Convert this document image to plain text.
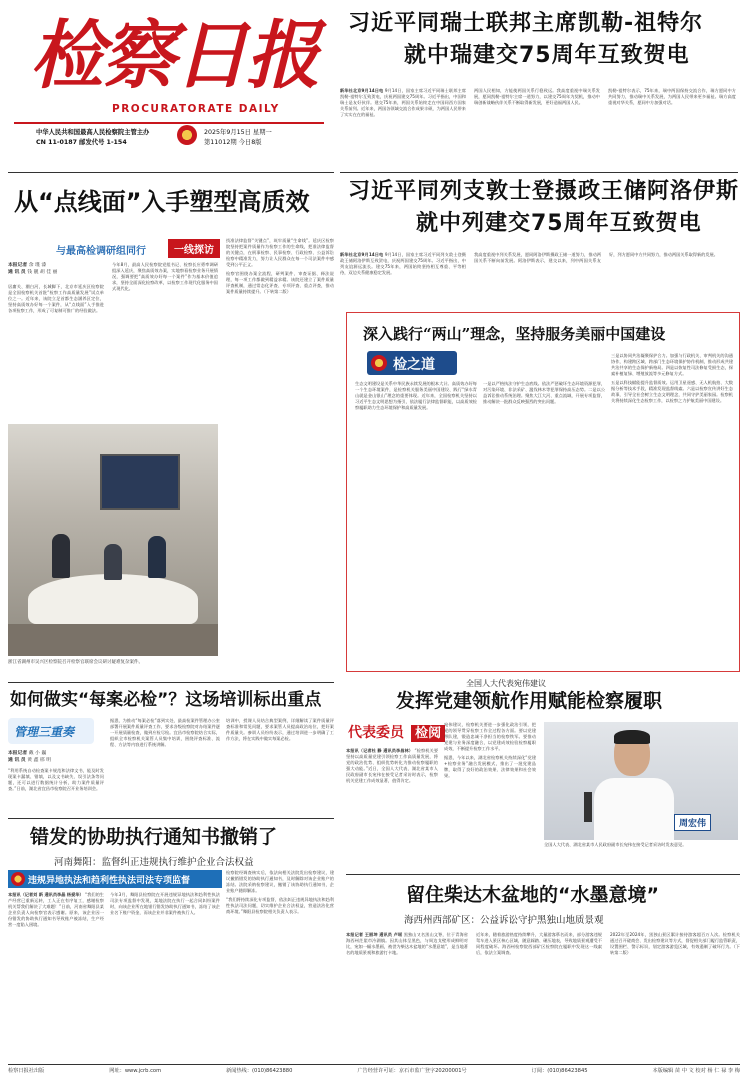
检察日报
PROCURATORATE DAILY
中华人民共和国最高人民检察院主管主办
CN 11-0187 邮发代号 1-154
2025年9月15日 星期一
第11012期 今日8版
习近平同瑞士联邦主席凯勒-祖特尔
就中瑞建交75周年互致贺电
新华社北京9月14日电 9月14日，国家主席习近平同瑞士联邦主席凯勒-祖特尔互致贺电，庆祝两国建交75周年。习近平指出，中国和瑞士是友好伙伴。建交75年来，两国关系始终走在中国同西方国家关系前列。近年来，两国各领域交流合作成果丰硕，为两国人民带来了实实在在的福祉。
两国人民相知，方能使两国关系行稳致远。我高度重视中瑞关系发展，愿同凯勒-祖特尔主席一道努力，以建交75周年为契机，推动中瑞创新战略伙伴关系不断取得新发展，更好造福两国人民。
凯勒-祖特尔表示，75年来，瑞中两国保持交流合作，瑞方愿同中方共同努力，推动瑞中关系发展，为两国人民带来更多福祉。瑞方高度重视对华关系，愿同中方加强对话。
习近平同列支敦士登摄政王储阿洛伊斯
就中列建交75周年互致贺电
新华社北京9月14日电 9月14日，国家主席习近平同列支敦士登摄政王储阿洛伊斯互致贺电，庆祝两国建交75周年。习近平指出，中列友谊源远流长。建交75年来，两国始终坚持相互尊重、平等相待，双边关系健康稳定发展。
我高度重视中列关系发展，愿同阿洛伊斯摄政王储一道努力，推动两国关系不断向前发展。阿洛伊斯表示，建交以来，列中两国关系友好，列方愿同中方共同努力，推动两国关系取得新的发展。
从“点线面”入手塑型高质效
与最高检调研组同行	一线探访
本报记者 余 瑾 漆
通 讯 员 钱 靓 胡 佳 丽
居庸关、潮白河，长城脚下，北京市延庆区检察院是全国检察机关首批“检察工作高质量发展”试点单位之一。近年来，该院立足首都生态涵养区定位，坚持高质效办好每一个案件，从“点线面”入手推进各项检察工作，形成了可复制可推广的经验做法。
今年8月，最高人民检察院党组书记、检察长应勇率调研组深入延庆，聚焦高质效办案，实地察看检察业务开展情况，强调要把“高质效办好每一个案件”作为基本价值追求，坚持全面深化检察改革，以检察工作现代化服务中国式现代化。
找准法律监督“关键点”，筑牢质量“生命线”。延庆区检察院坚持把案件质量作为检察工作的生命线，把准法律监督的关键点，在刑事检察、民事检察、行政检察、公益诉讼检察中精准发力，努力让人民群众在每一个司法案件中感受到公平正义。
检察官围绕办案全流程，研判案件、审查证据、释法说理，每一项工作都做到精益求精。该院还建立了案件质量评查机制，通过常态化评查、专项评查、重点评查，推动案件质量持续提升。（下转第二版）
浙江省湖州市吴兴区检察院召开检察官联席会议研讨疑难复杂案件。
深入践行“两山”理念，坚持服务美丽中国建设
检之道
生态文明建设是关系中华民族永续发展的根本大计。高质效办好每一个生态环境案件，是检察机关服务美丽中国建设、践行“绿水青山就是金山银山”理念的重要体现。近年来，全国检察机关坚持以习近平生态文明思想为指引，依法履行法律监督职能，以高质效检察履职助力生态环境保护和高质量发展。
一是以严格执法守护生态底线。依法严惩破坏生态环境资源犯罪，对污染环境、非法采矿、滥伐林木等犯罪保持高压态势。二是以公益诉讼推动系统治理。聚焦大江大河、重点流域，开展专项监督，推动解决一批群众反映强烈的突出问题。
三是以协同共治凝聚保护合力。加强与行政机关、审判机关的沟通协作，构建跨区域、跨部门生态环境保护协作机制，推动形成共建共治共享的生态保护新格局。四是以恢复性司法修复受损生态，探索补植复绿、增殖放流等多元修复方式。
五是以科技赋能提升监督质效。运用卫星遥感、无人机航拍、大数据分析等技术手段，精准发现监督线索。六是以检察宣传讲好生态故事，引导全社会树立生态文明理念，共同守护美丽家园。检察机关将持续深化生态检察工作，以检察之力护航美丽中国建设。
如何做实“每案必检”？这场培训标出重点
管理三重奏
本报记者 戴 小 巍
通 讯 员 黄 鑫 邢 明
“利用系统自动检查案卡规范和法律文书，能及时发现案卡漏填、错填，以及文书缺失、误引法条等问题，还可以进行数据统计分析，助力案件质量评查。”日前，湖北省宜昌市检察院召开业务培训会。
据悉，为推动“每案必检”落到实处，最高检案件管理办公室部署开展案件质量评查工作，要求各级检察院对办结案件逐一开展质量检查，做到应检尽检。宜昌市检察院结合实际，组织全市检察机关案管人员集中培训，围绕评查标准、流程、方法等内容进行系统讲解。
培训中，授课人员结合典型案例，详细解读了案件质量评查标准和常见问题，要求案管人员提高政治站位，把好案件质量关。参训人员纷纷表示，通过培训进一步明确了工作方法，将在实践中做实每案必检。
全国人大代表宛伟建议
发挥党建领航作用赋能检察履职
代表委员 检阅
本报讯（记者杜 静 通讯员李昌林） “检察机关要坚持以高质量党建引领检察工作高质量发展，将党的政治优势、组织优势转化为推动检察履职的强大动能。”近日，全国人大代表、湖北省某市人民政府副市长宛伟在接受记者采访时表示，检察机关党建工作成效显著，值得肯定。
宛伟建议，检察机关要进一步强化政治引领，把党的领导贯穿检察工作全过程各方面。要以党建带队建，锻造忠诚干净担当的检察铁军。要推动党建与业务深度融合，以党建成效检验检察履职成效，不断提升检察工作水平。
据悉，今年以来，湖北省检察机关持续深化“党建+检察业务”融合发展模式，推出了一批党建品牌，取得了良好的政治效果、法律效果和社会效果。
周宏伟
全国人大代表、湖北省某市人民政府副市长宛伟在接受记者采访时发表意见。
错发的协助执行通知书撤销了
河南舞阳：监督纠正违规执行维护企业合法权益
违规异地执法和趋利性执法司法专项监督
本报讯（记者刘 新 通讯员李晶 杨爱华） “我们的生产经营已重新运转，工人正在有序复工，感谢检察机关帮我们解决了大难题！”日前，河南省舞阳县某企业负责人向检察官表示感谢。原来，该企业因一份错发的协助执行通知书导致账户被冻结，生产经营一度陷入困境。
今年3月，舞阳县检察院在开展违规异地执法和趋利性执法司法专项监督中发现，某地法院在执行一起合同纠纷案件时，向该企业所在地银行错发协助执行通知书，冻结了该企业名下账户资金，而该企业并非案件被执行人。
检察院经调查核实后，依法向相关法院发出检察建议，建议撤销错发的协助执行通知书，及时解除对该企业账户的冻结。法院采纳检察建议，撤销了该协助执行通知书，企业账户随即解冻。
“我们将持续深化专项监督，依法纠正违规异地执法和趋利性执法司法问题，切实维护企业合法权益，营造法治化营商环境。”舞阳县检察院相关负责人表示。
留住柴达木盆地的“水墨意境”
海西州西部矿区：公益诉讼守护黑独山地质景观
本报记者 王丽坤 通讯员 卢瑶 黑独山又名黑山文脊，位于青海省海西州茫崖市冷湖镇。因其山体呈黑色，与周边戈壁形成鲜明对比，宛如一幅水墨画，被誉为柴达木盆地的“水墨意境”，是当地著名的地质景观和旅游打卡地。
近年来，随着旅游热度持续攀升，大量游客慕名而来，部分游客违规驾车进入景区核心区域，随意踩踏、碾压地表，导致地质景观遭受不同程度破坏。海西州检察院西部矿区检察院在履职中发现这一线索后，依法立案调查。
2022年至2024年，黑独山景区累计接待游客超百万人次。检察机关通过召开磋商会、发出检察建议等方式，督促相关部门履行监管职责，设置围栏、警示标识，划定游客游览区域，有效遏制了破坏行为。（下转第二版）
检察日报社出版	网址：www.jcrb.com	新闻热线：(010)86423880	广告经营许可证：京石市监广登字20200001号	订阅：(010)86423845	本版编辑 苗 中 文 校对 杨 仁 禄 李 梅
